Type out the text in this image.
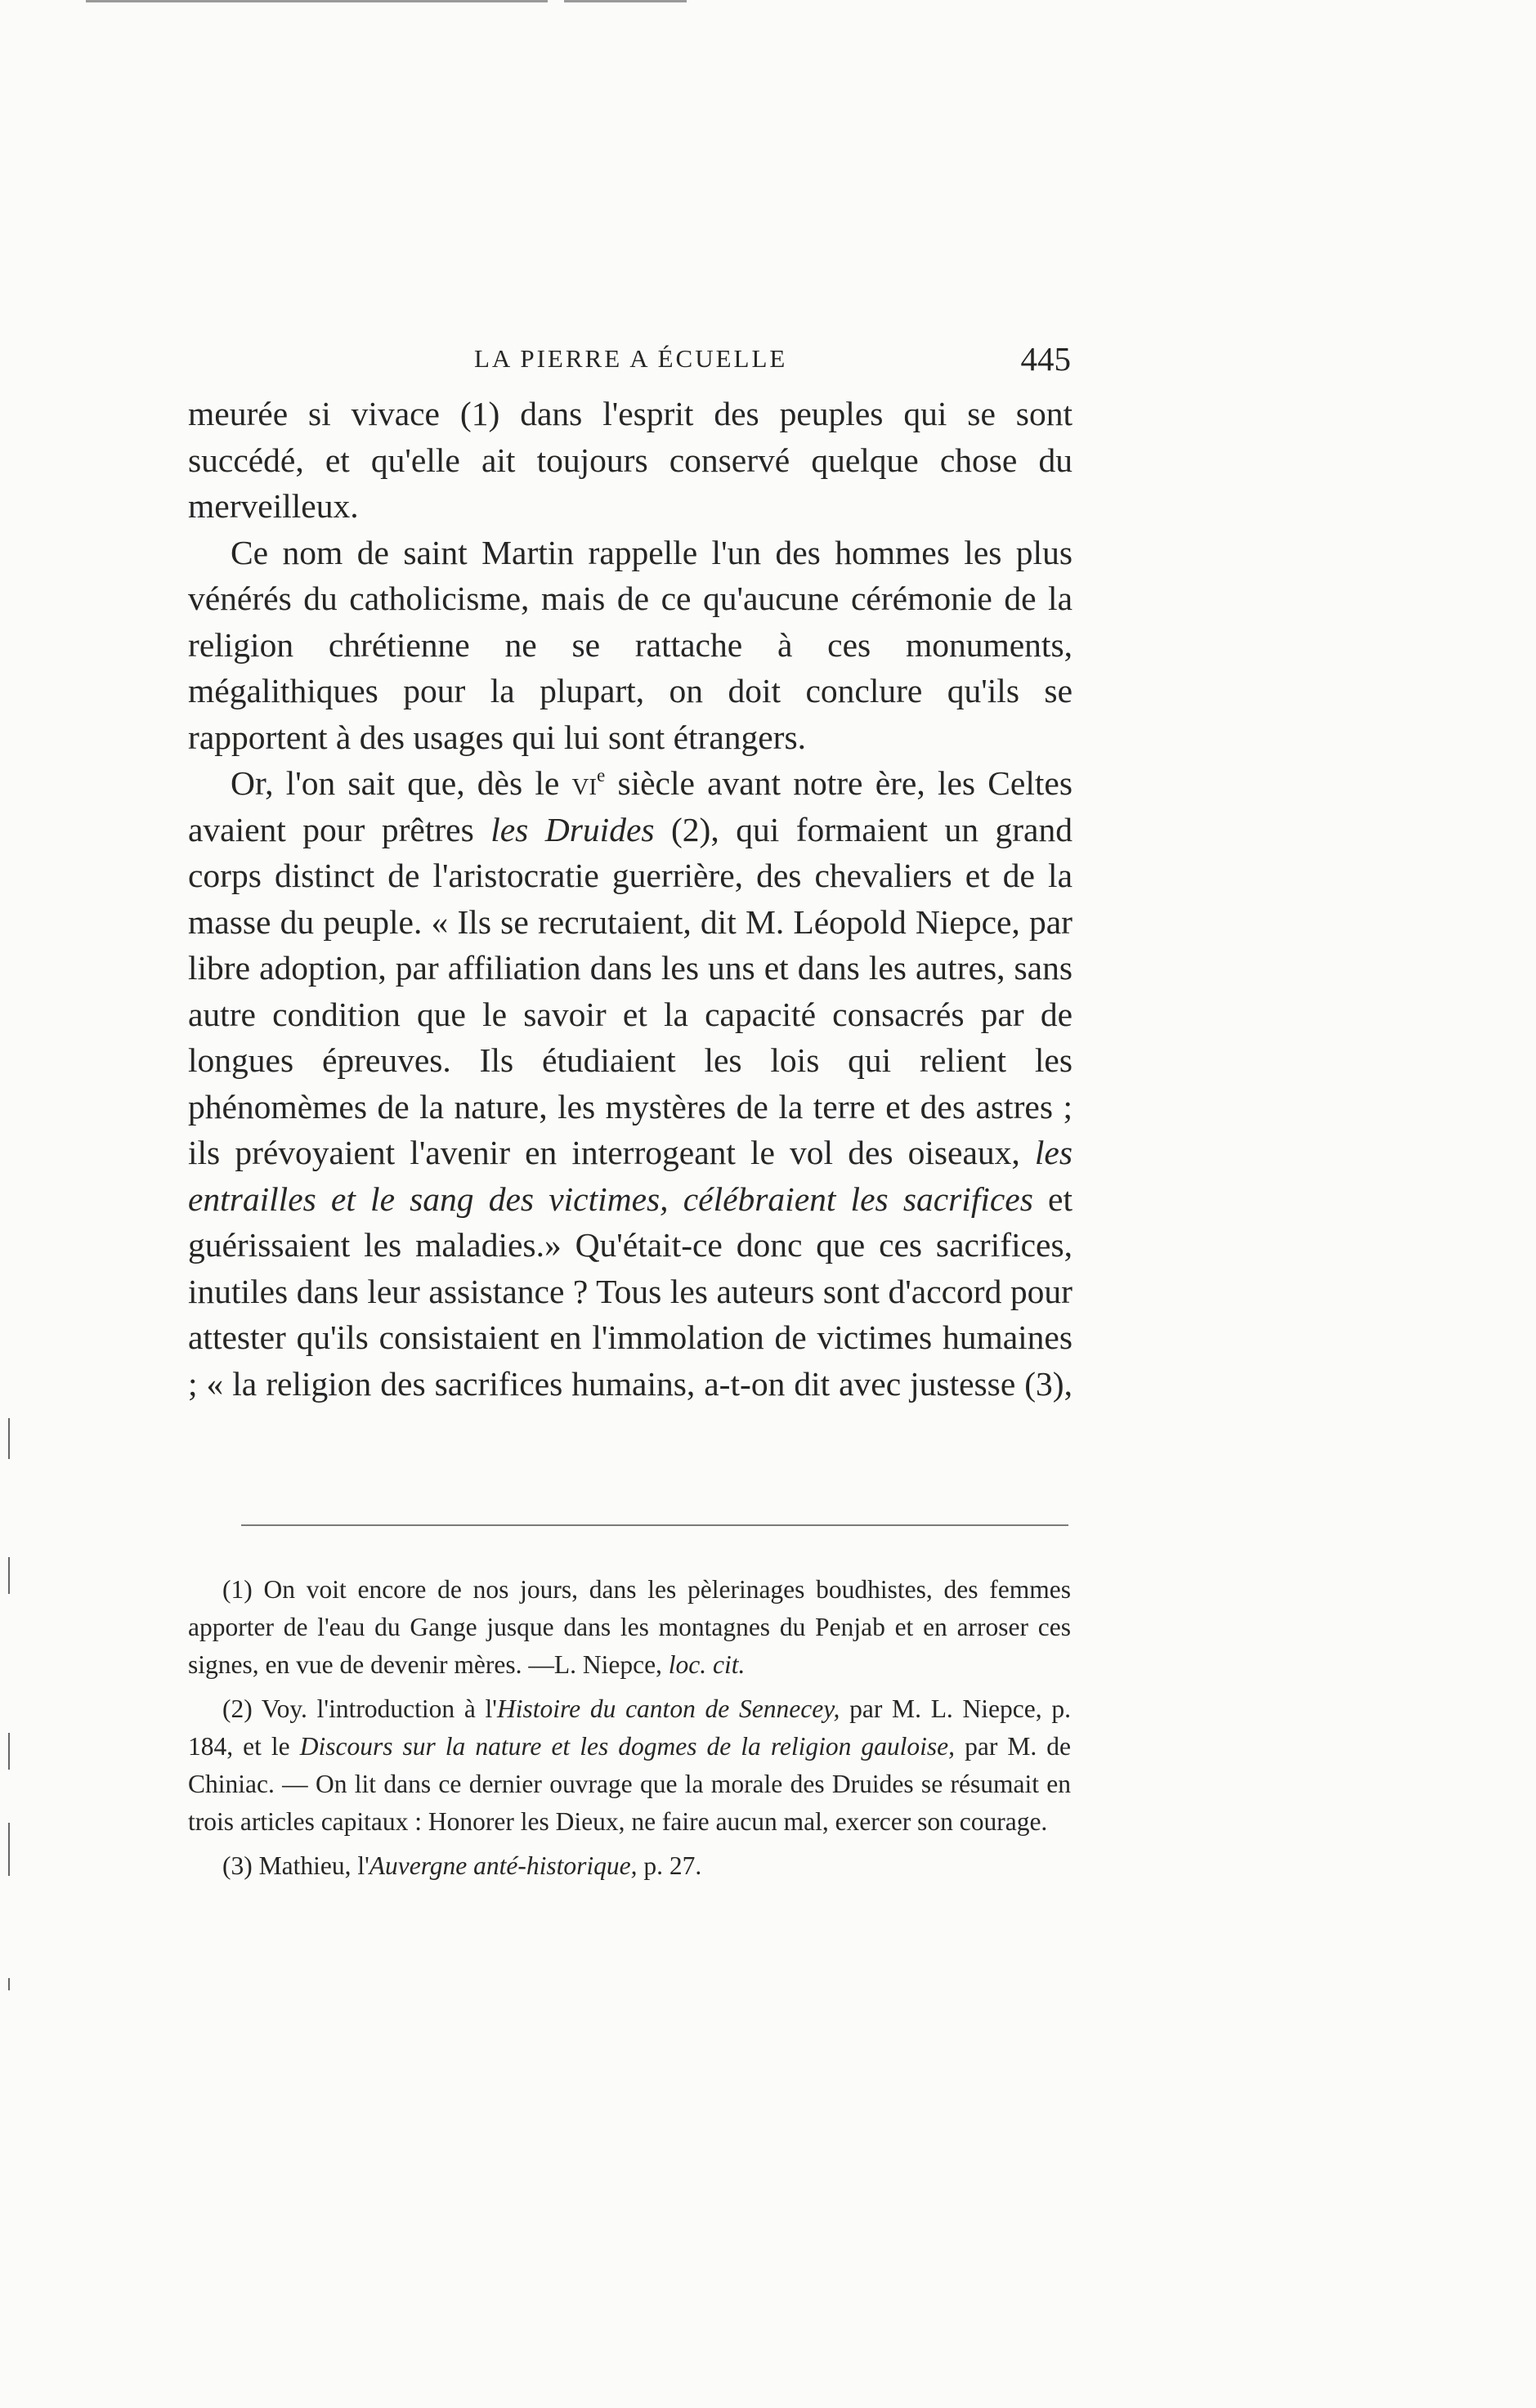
LA PIERRE A ÉCUELLE	445

meurée si vivace (1) dans l'esprit des peuples qui se sont succédé, et qu'elle ait toujours conservé quelque chose du merveilleux.

Ce nom de saint Martin rappelle l'un des hommes les plus vénérés du catholicisme, mais de ce qu'aucune cérémonie de la religion chrétienne ne se rattache à ces monuments, mégalithiques pour la plupart, on doit conclure qu'ils se rapportent à des usages qui lui sont étrangers.

Or, l'on sait que, dès le $vi^e$ siècle avant notre ère, les Celtes avaient pour prêtres les Druides (2), qui formaient un grand corps distinct de l'aristocratie guerrière, des chevaliers et de la masse du peuple. « Ils se recrutaient, dit M. Léopold Niepce, par libre adoption, par affiliation dans les uns et dans les autres, sans autre condition que le savoir et la capacité consacrés par de longues épreuves. Ils étudiaient les lois qui relient les phénomèmes de la nature, les mystères de la terre et des astres ; ils prévoyaient l'avenir en interrogeant le vol des oiseaux, les entrailles et le sang des victimes, célébraient les sacrifices et guérissaient les maladies.» Qu'était-ce donc que ces sacrifices, inutiles dans leur assistance ? Tous les auteurs sont d'accord pour attester qu'ils consistaient en l'immolation de victimes humaines ; « la religion des sacrifices humains, a-t-on dit avec justesse (3),

(1) On voit encore de nos jours, dans les pèlerinages boudhistes, des femmes apporter de l'eau du Gange jusque dans les montagnes du Penjab et en arroser ces signes, en vue de devenir mères. —L. Niepce, loc. cit.

(2) Voy. l'introduction à l'Histoire du canton de Sennecey, par M. L. Niepce, p. 184, et le Discours sur la nature et les dogmes de la religion gauloise, par M. de Chiniac. — On lit dans ce dernier ouvrage que la morale des Druides se résumait en trois articles capitaux : Honorer les Dieux, ne faire aucun mal, exercer son courage.

(3) Mathieu, l'Auvergne anté-historique, p. 27.
